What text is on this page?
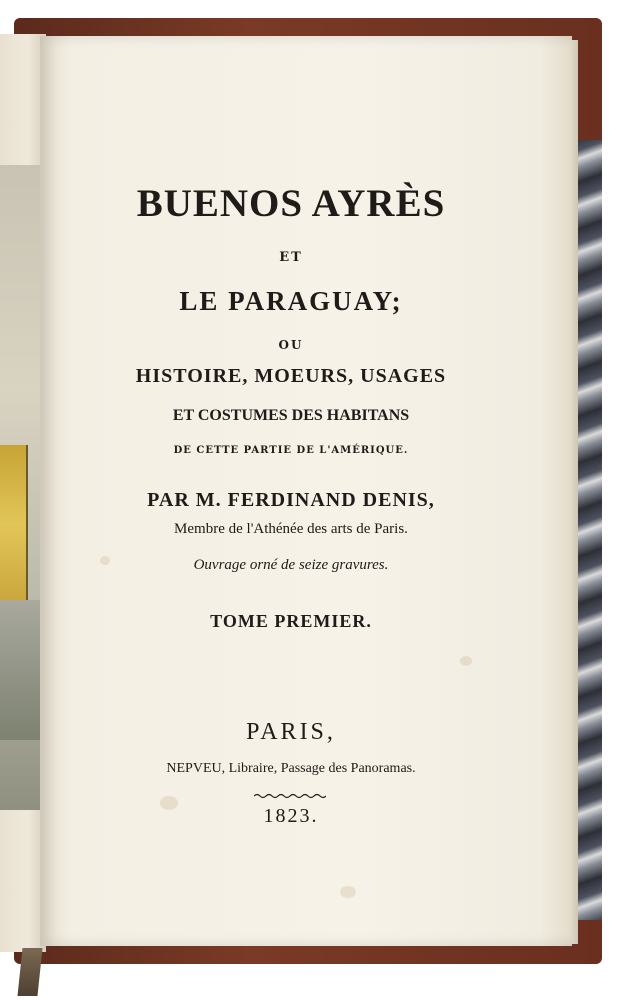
BUENOS AYRÈS

ET

LE PARAGUAY;

OU

HISTOIRE, MOEURS, USAGES

ET COSTUMES DES HABITANS

DE CETTE PARTIE DE L'AMÉRIQUE.

PAR M. FERDINAND DENIS,

Membre de l'Athénée des arts de Paris.

Ouvrage orné de seize gravures.

TOME PREMIER.

PARIS,

NEPVEU, Libraire, Passage des Panoramas.

1823.
